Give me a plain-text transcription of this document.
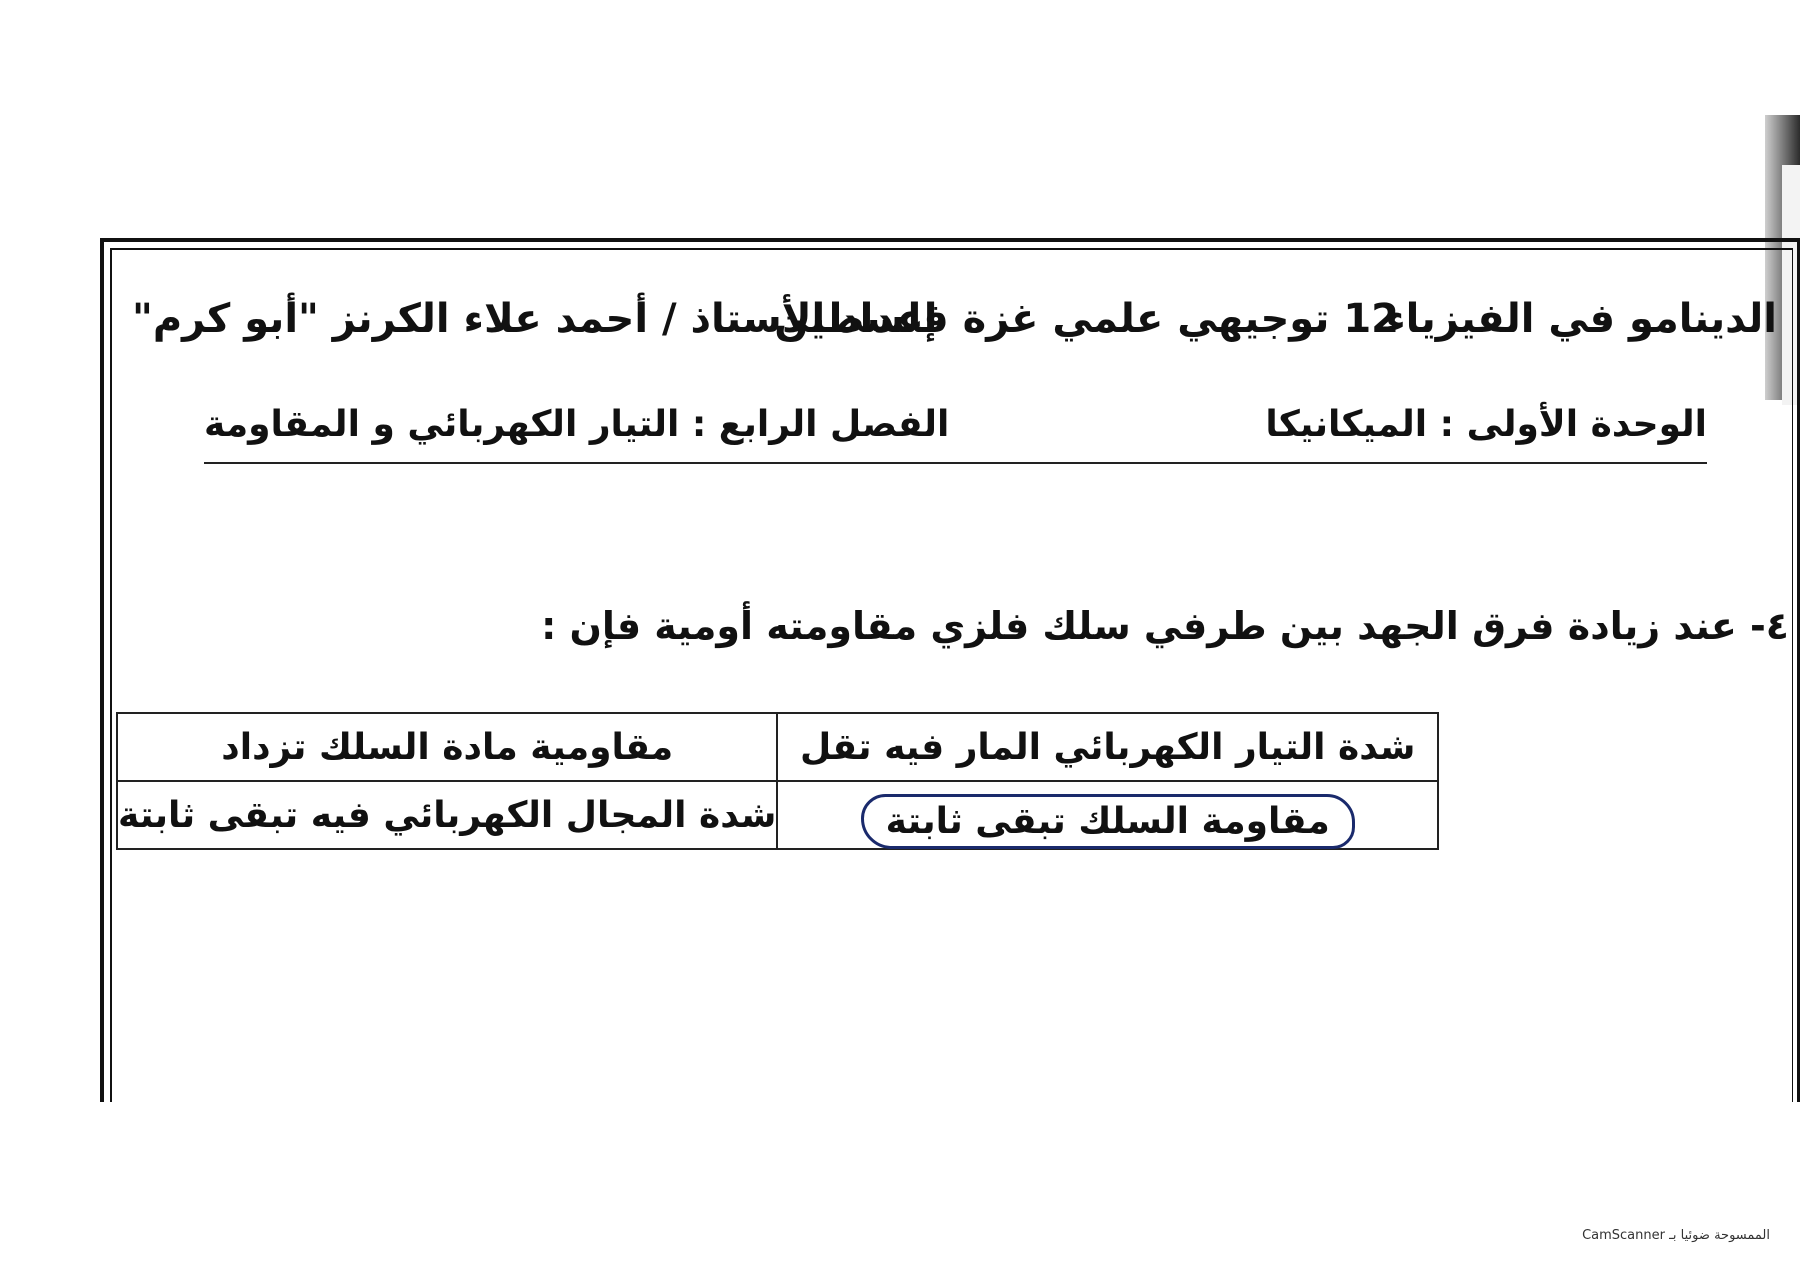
الدينامو في الفيزياء
12 توجيهي علمي غزة فلسطين
إعداد الأستاذ / أحمد علاء الكرنز "أبو كرم"
الوحدة الأولى : الميكانيكا
الفصل الرابع : التيار الكهربائي و المقاومة
٤- عند زيادة فرق الجهد بين طرفي سلك فلزي مقاومته أومية فإن :
شدة التيار الكهربائي المار فيه تقل	مقاومية مادة السلك تزداد
مقاومة السلك تبقى ثابتة	شدة المجال الكهربائي فيه تبقى ثابتة
الممسوحة ضوئيا بـ CamScanner
